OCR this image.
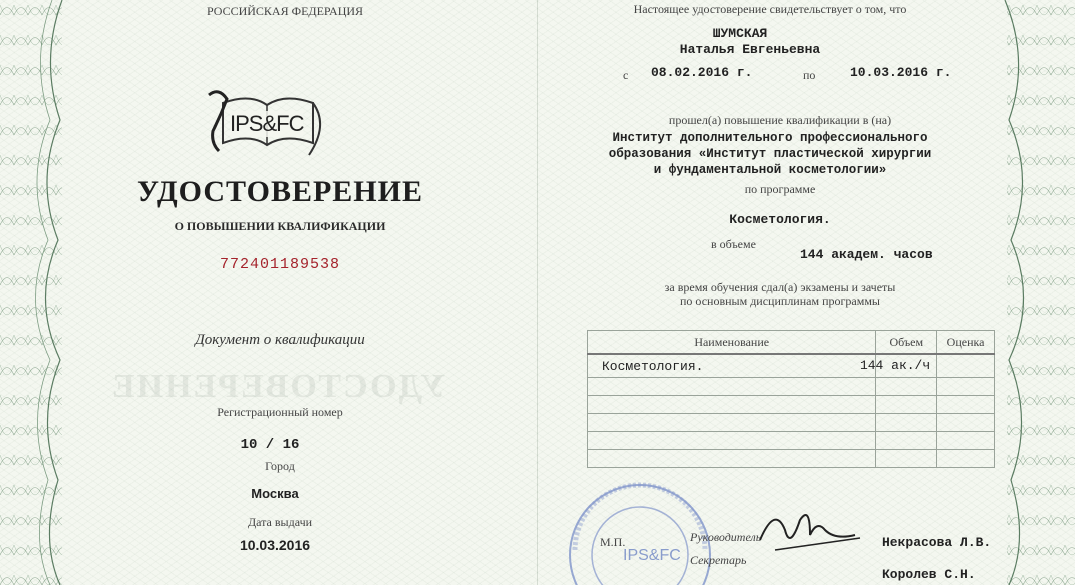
РОССИЙСКАЯ ФЕДЕРАЦИЯ
IPS&FC
УДОСТОВЕРЕНИЕ
О ПОВЫШЕНИИ КВАЛИФИКАЦИИ
772401189538
УДОСТОВЕРЕНИЕ
Документ о квалификации
Регистрационный номер
10 / 16
Город
Москва
Дата выдачи
10.03.2016
Настоящее удостоверение свидетельствует о том, что
ШУМСКАЯ
Наталья Евгеньевна
с 08.02.2016 г.	по	10.03.2016 г.
прошел(а) повышение квалификации в (на)
Институт дополнительного профессионального
образования «Институт пластической хирургии
и фундаментальной косметологии»
по программе
Косметология.
в объеме
144 академ. часов
за время обучения сдал(а) экзамены и зачеты
по основным дисциплинам программы
Наименование	Объем	Оценка
Косметология.	144 ак./ч	

IPS&FC
М.П.	Руководитель	Некрасова Л.В.
Секретарь
Королев С.Н.
